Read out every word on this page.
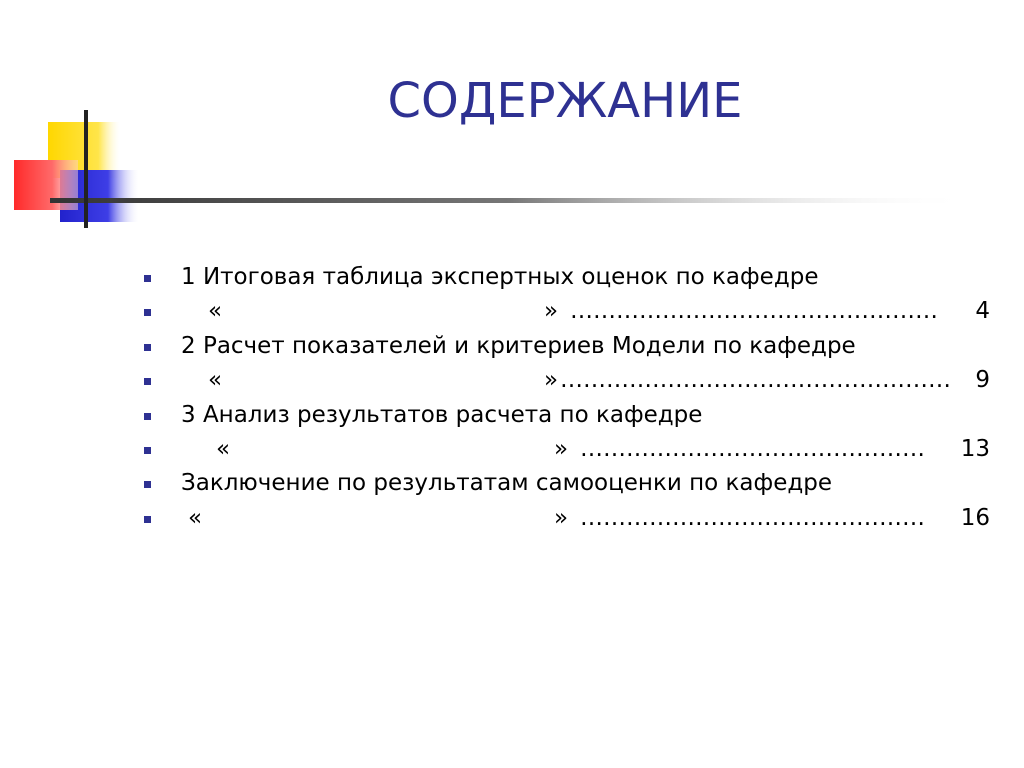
СОДЕРЖАНИЕ
1 Итоговая таблица экспертных оценок по кафедре
«	» ………………………………………… 4
2 Расчет показателей и критериев Модели по кафедре
«	» …………………………………………… 9
3 Анализ результатов расчета по кафедре
«	» ……………………………………… 13
Заключение по результатам самооценки по кафедре
«	» ……………………………………… 16
